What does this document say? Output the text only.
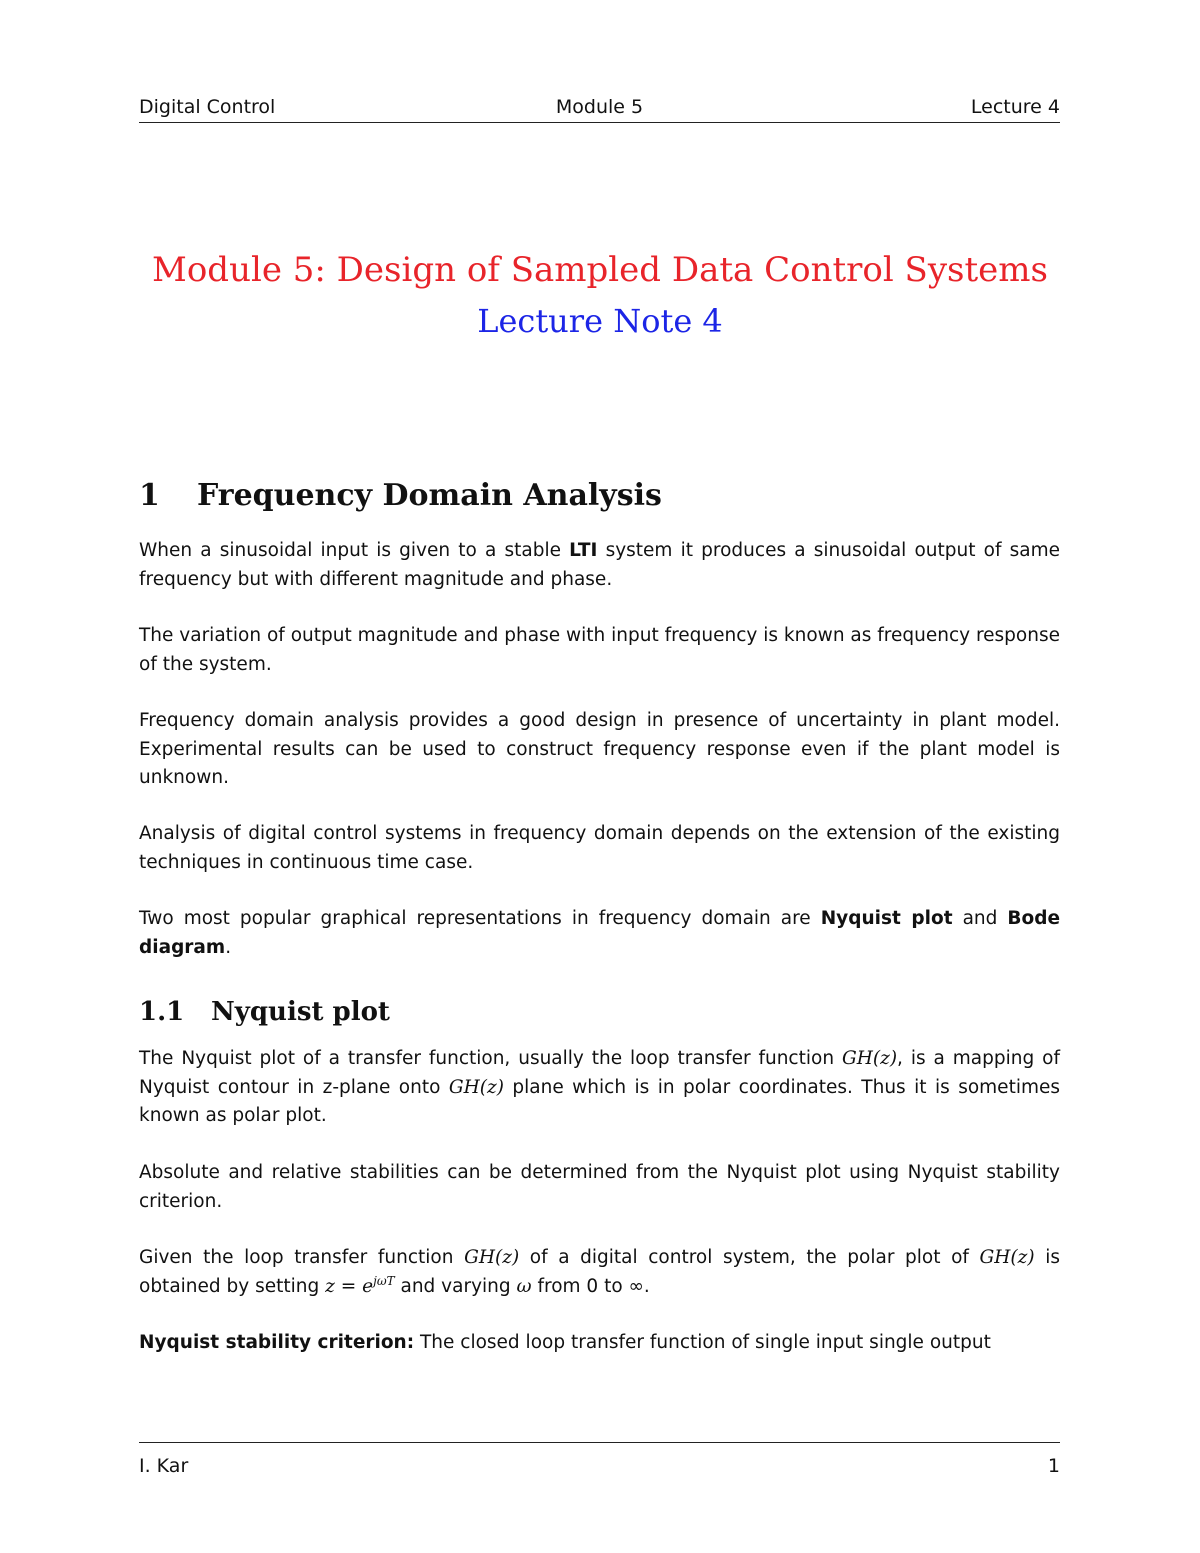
Digital Control	Module 5	Lecture 4
Module 5: Design of Sampled Data Control Systems
Lecture Note 4
1 Frequency Domain Analysis

When a sinusoidal input is given to a stable LTI system it produces a sinusoidal output of same frequency but with different magnitude and phase.

The variation of output magnitude and phase with input frequency is known as frequency response of the system.

Frequency domain analysis provides a good design in presence of uncertainty in plant model. Experimental results can be used to construct frequency response even if the plant model is unknown.

Analysis of digital control systems in frequency domain depends on the extension of the existing techniques in continuous time case.

Two most popular graphical representations in frequency domain are Nyquist plot and Bode diagram.

1.1 Nyquist plot

The Nyquist plot of a transfer function, usually the loop transfer function GH(z), is a mapping of Nyquist contour in z-plane onto GH(z) plane which is in polar coordinates. Thus it is sometimes known as polar plot.

Absolute and relative stabilities can be determined from the Nyquist plot using Nyquist stability criterion.

Given the loop transfer function GH(z) of a digital control system, the polar plot of GH(z) is obtained by setting $z = e^{j\omega T}$ and varying ω from 0 to ∞.

Nyquist stability criterion: The closed loop transfer function of single input single output

I. Kar	1
